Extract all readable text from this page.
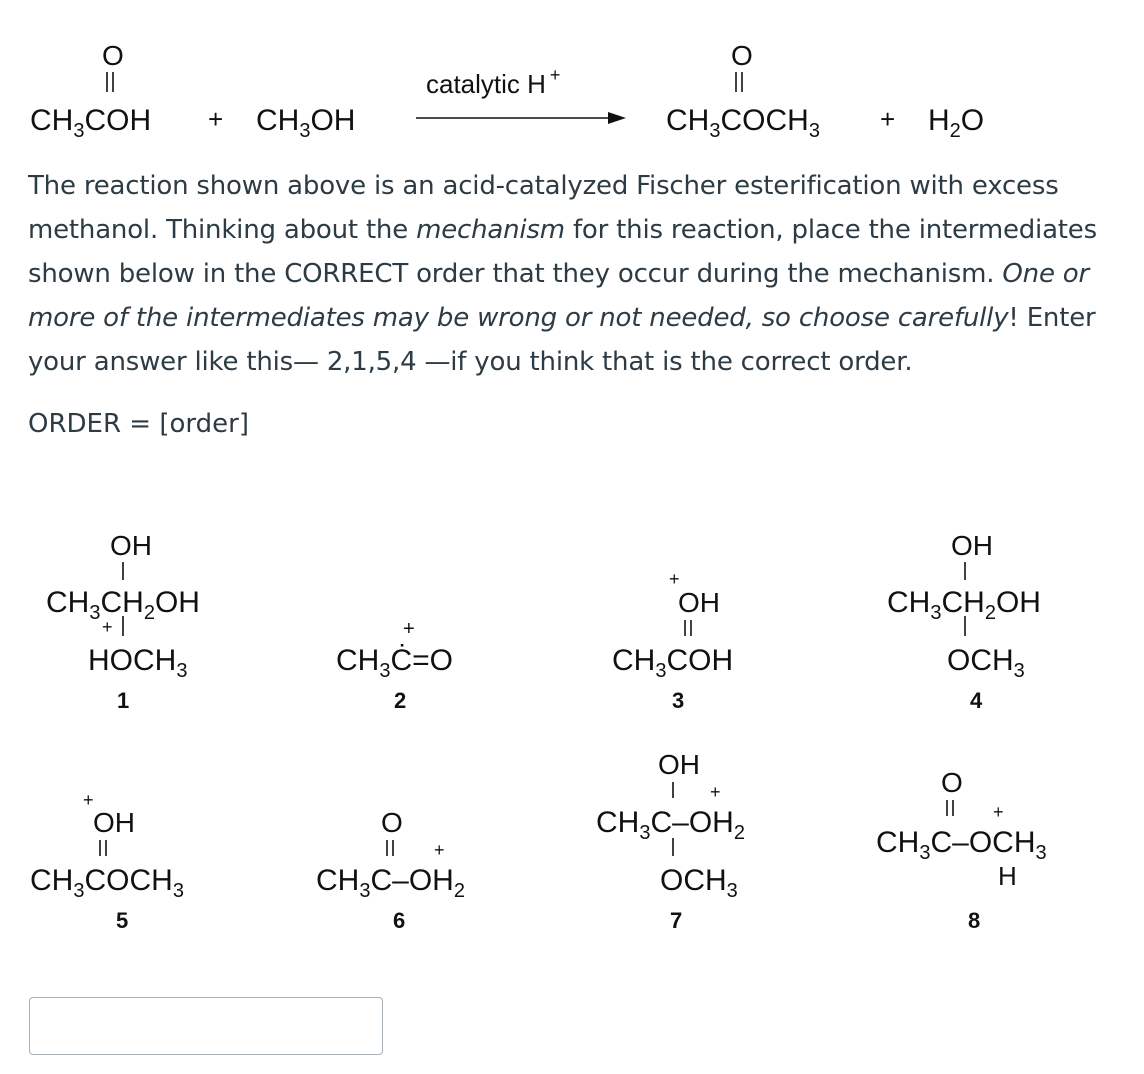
O
$CH_3COH + CH_3OH$
catalytic H +
O
$CH_3COCH_3 + H_2O$

The reaction shown above is an acid-catalyzed Fischer esterification with excess methanol. Thinking about the mechanism for this reaction, place the intermediates shown below in the CORRECT order that they occur during the mechanism. One or more of the intermediates may be wrong or not needed, so choose carefully! Enter your answer like this— 2,1,5,4 —if you think that is the correct order.

ORDER = [order]
OH
$CH_3CH_2OH$
+
$HOCH_3$
1
+
$CH_3Ċ=O$
2
+
OH
$CH_3COH$
3
OH
$CH_3CH_2OH$
$OCH_3$
4
+
OH
$CH_3COCH_3$
5
O
+
$CH_3C-OH_2$
6
OH
+
$CH_3C-OH_2$
$OCH_3$
7
O
+
$CH_3C-OCH_3$
H
8
